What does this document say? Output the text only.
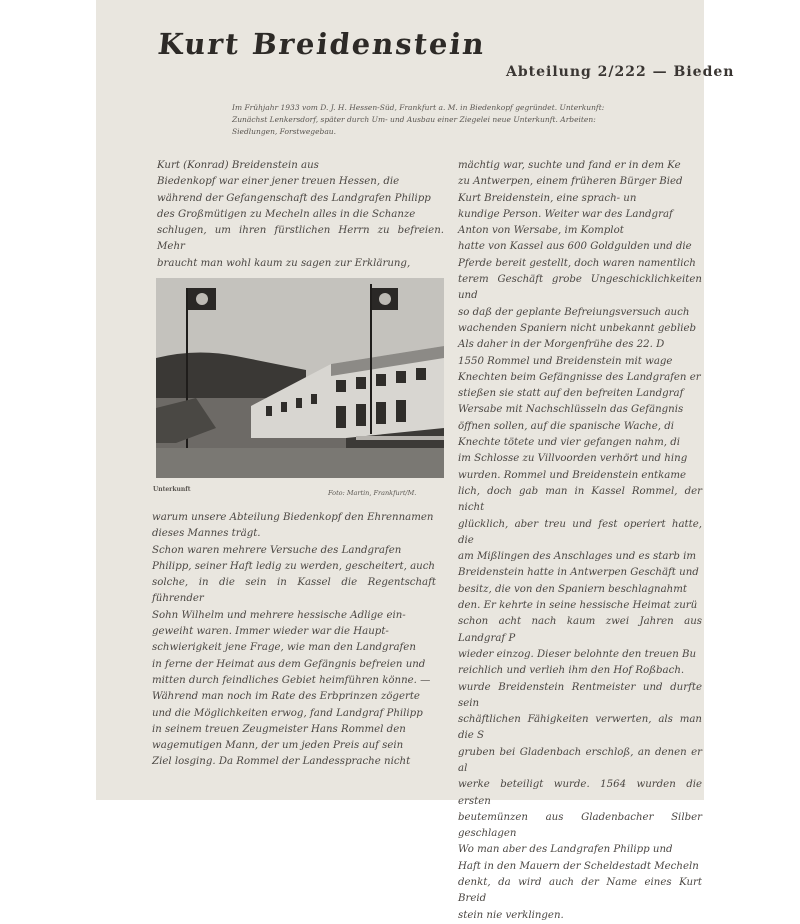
Kurt Breidenstein
Abteilung 2/222 — Bieden
Im Frühjahr 1933 vom D. J. H. Hessen-Süd, Frankfurt a. M. in Biedenkopf gegründet. Unterkunft:
Zunächst Lenkersdorf, später durch Um- und Ausbau einer Ziegelei neue Unterkunft. Arbeiten:
Siedlungen, Forstwegebau.

Kurt (Konrad) Breidenstein aus

Biedenkopf war einer jener treuen Hessen, die

während der Gefangenschaft des Landgrafen Philipp

des Großmütigen zu Mecheln alles in die Schanze

schlugen, um ihren fürstlichen Herrn zu befreien. Mehr

braucht man wohl kaum zu sagen zur Erklärung,

Unterkunft	Foto: Martin, Frankfurt/M.

warum unsere Abteilung Biedenkopf den Ehrennamen

dieses Mannes trägt.

Schon waren mehrere Versuche des Landgrafen

Philipp, seiner Haft ledig zu werden, gescheitert, auch

solche, in die sein in Kassel die Regentschaft führender

Sohn Wilhelm und mehrere hessische Adlige ein-

geweiht waren. Immer wieder war die Haupt-

schwierigkeit jene Frage, wie man den Landgrafen

in ferne der Heimat aus dem Gefängnis befreien und

mitten durch feindliches Gebiet heimführen könne. —

Während man noch im Rate des Erbprinzen zögerte

und die Möglichkeiten erwog, fand Landgraf Philipp

in seinem treuen Zeugmeister Hans Rommel den

wagemutigen Mann, der um jeden Preis auf sein

Ziel losging. Da Rommel der Landessprache nicht

mächtig war, suchte und fand er in dem Ke

zu Antwerpen, einem früheren Bürger Bied

Kurt Breidenstein, eine sprach- un

kundige Person. Weiter war des Landgraf

Anton von Wersabe, im Komplot

hatte von Kassel aus 600 Goldgulden und die

Pferde bereit gestellt, doch waren namentlich

terem Geschäft grobe Ungeschicklichkeiten und

so daß der geplante Befreiungsversuch auch

wachenden Spaniern nicht unbekannt geblieb

Als daher in der Morgenfrühe des 22. D

1550 Rommel und Breidenstein mit wage

Knechten beim Gefängnisse des Landgrafen er

stießen sie statt auf den befreiten Landgraf

Wersabe mit Nachschlüsseln das Gefängnis

öffnen sollen, auf die spanische Wache, di

Knechte tötete und vier gefangen nahm, di

im Schlosse zu Villvoorden verhört und hing

wurden. Rommel und Breidenstein entkame

lich, doch gab man in Kassel Rommel, der nicht

glücklich, aber treu und fest operiert hatte, die

am Mißlingen des Anschlages und es starb im

Breidenstein hatte in Antwerpen Geschäft und

besitz, die von den Spaniern beschlagnahmt

den. Er kehrte in seine hessische Heimat zurü

schon acht nach kaum zwei Jahren aus Landgraf P

wieder einzog. Dieser belohnte den treuen Bu

reichlich und verlieh ihm den Hof Roßbach.

wurde Breidenstein Rentmeister und durfte sein

schäftlichen Fähigkeiten verwerten, als man die S

gruben bei Gladenbach erschloß, an denen er al

werke beteiligt wurde. 1564 wurden die ersten

beutemünzen aus Gladenbacher Silber geschlagen

Wo man aber des Landgrafen Philipp und

Haft in den Mauern der Scheldestadt Mecheln

denkt, da wird auch der Name eines Kurt Breid

stein nie verklingen.
